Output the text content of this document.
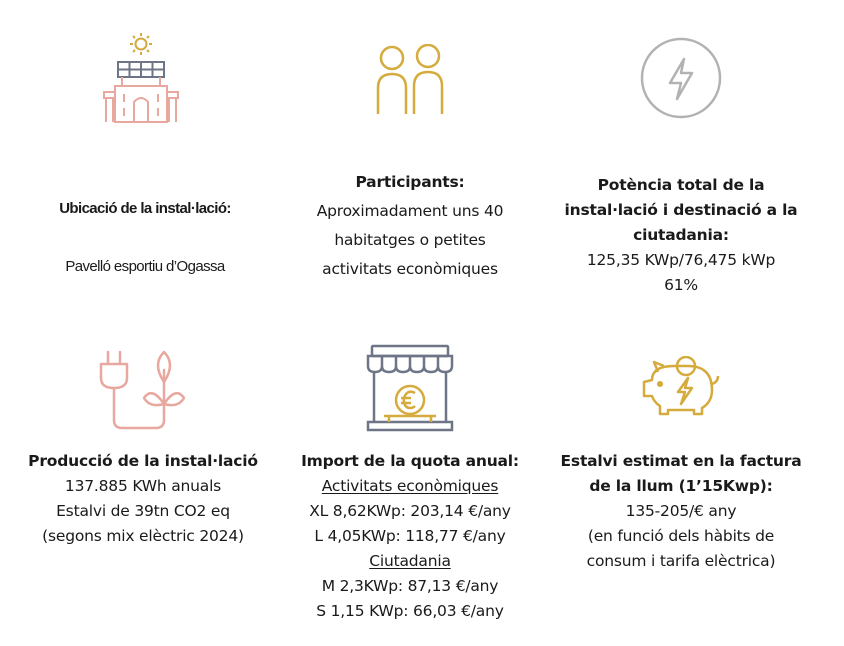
Ubicació de la instal·lació:
Pavelló esportiu d’Ogassa
Participants:
Aproximadament uns 40
habitatges o petites
activitats econòmiques
Potència total de la
instal·lació i destinació a la
ciutadania:
125,35 KWp/76,475 kWp
61%
Producció de la instal·lació
137.885 KWh anuals
Estalvi de 39tn CO2 eq
(segons mix elèctric 2024)
Import de la quota anual:
Activitats econòmiques
XL 8,62KWp: 203,14 €/any
L 4,05KWp: 118,77 €/any
Ciutadania
M 2,3KWp: 87,13 €/any
S 1,15 KWp: 66,03 €/any
Estalvi estimat en la factura
de la llum (1’15Kwp):
135-205/€ any
(en funció dels hàbits de
consum i tarifa elèctrica)
